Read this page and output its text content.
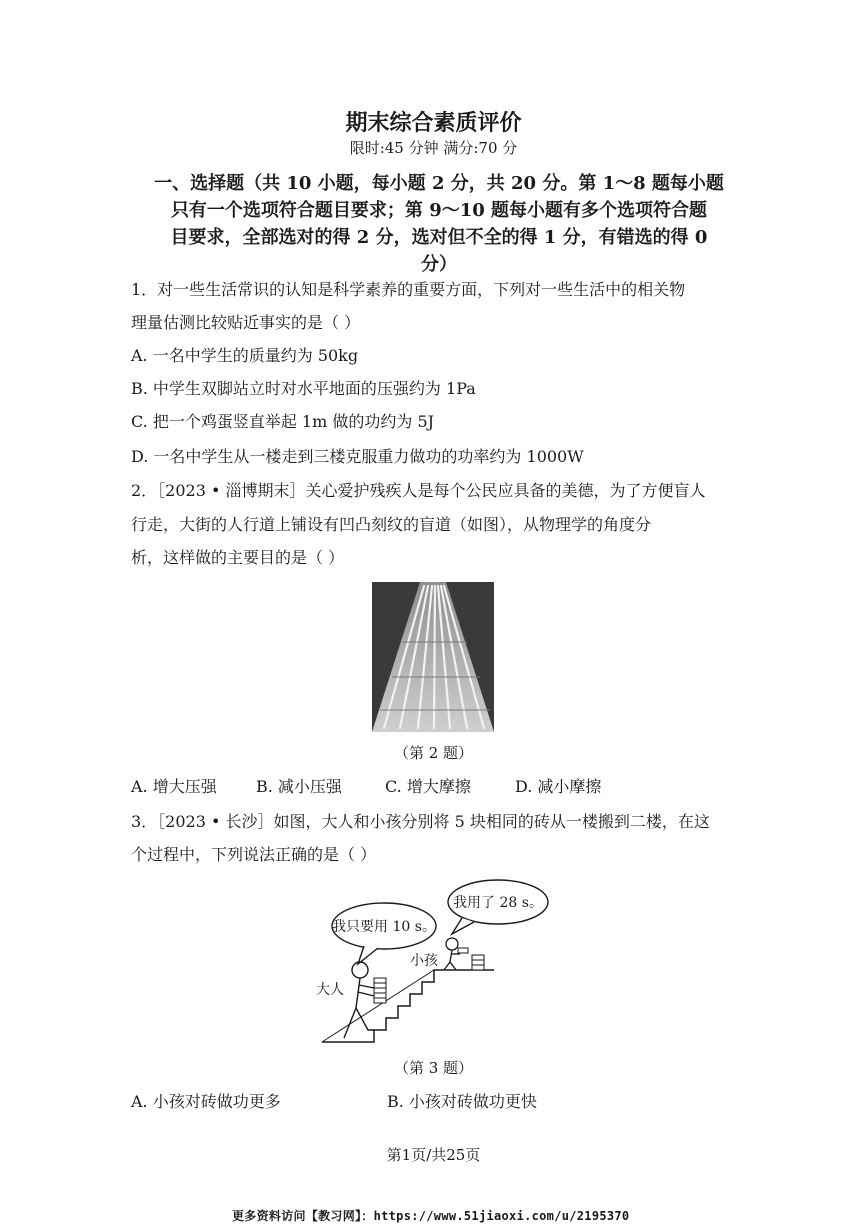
期末综合素质评价
限时:45 分钟 满分:70 分
一、选择题（共 10 小题，每小题 2 分，共 20 分。第 1～8 题每小题
只有一个选项符合题目要求；第 9～10 题每小题有多个选项符合题
目要求，全部选对的得 2 分，选对但不全的得 1 分，有错选的得 0
分）
1．对一些生活常识的认知是科学素养的重要方面，下列对一些生活中的相关物
理量估测比较贴近事实的是（ ）
A. 一名中学生的质量约为 50kg
B. 中学生双脚站立时对水平地面的压强约为 1Pa
C. 把一个鸡蛋竖直举起 1m 做的功约为 5J
D. 一名中学生从一楼走到三楼克服重力做功的功率约为 1000W
2．［2023 • 淄博期末］关心爱护残疾人是每个公民应具备的美德，为了方便盲人
行走，大街的人行道上铺设有凹凸刻纹的盲道（如图），从物理学的角度分
析，这样做的主要目的是（ ）
（第 2 题）
A. 增大压强 B. 减小压强	C. 增大摩擦	D. 减小摩擦
3．［2023 • 长沙］如图，大人和小孩分别将 5 块相同的砖从一楼搬到二楼，在这
个过程中，下列说法正确的是（ ）
我用了 28 s。
我只要用 10 s。
小孩
大人
（第 3 题）
A. 小孩对砖做功更多	B. 小孩对砖做功更快
第1页/共25页
更多资料访问【教习网】：https://www.51jiaoxi.com/u/2195370
